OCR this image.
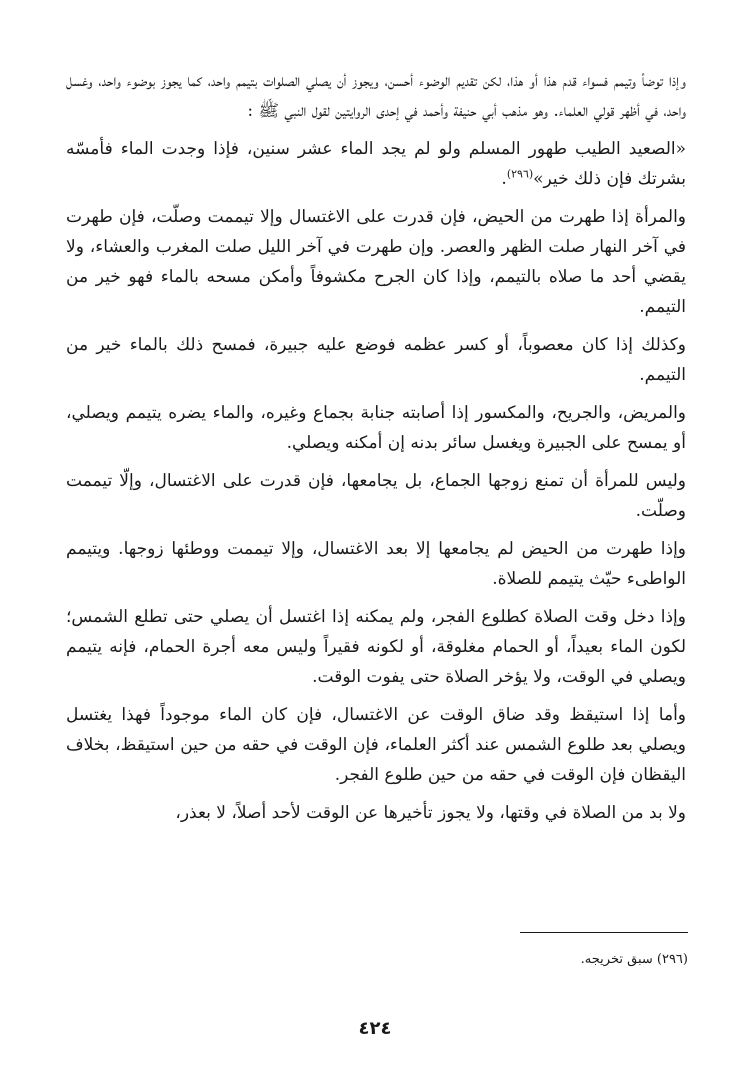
وإذا توضأ وتيمم فسواء قدم هذا أو هذا، لكن تقديم الوضوء أحسن، ويجوز أن يصلي الصلوات بتيمم واحد، كما يجوز بوضوء واحد، وغسل واحد، في أظهر قولي العلماء. وهو مذهب أبي حنيفة وأحمد في إحدى الروايتين لقول النبي ﷺ :

«الصعيد الطيب طهور المسلم ولو لم يجد الماء عشر سنين، فإذا وجدت الماء فأمسّه بشرتك فإن ذلك خير»$^{(٢٩٦)}$.

والمرأة إذا طهرت من الحيض، فإن قدرت على الاغتسال وإلا تيممت وصلّت، فإن طهرت في آخر النهار صلت الظهر والعصر. وإن طهرت في آخر الليل صلت المغرب والعشاء، ولا يقضي أحد ما صلاه بالتيمم، وإذا كان الجرح مكشوفاً وأمكن مسحه بالماء فهو خير من التيمم.

وكذلك إذا كان معصوباً، أو كسر عظمه فوضع عليه جبيرة، فمسح ذلك بالماء خير من التيمم.

والمريض، والجريح، والمكسور إذا أصابته جنابة بجماع وغيره، والماء يضره يتيمم ويصلي، أو يمسح على الجبيرة ويغسل سائر بدنه إن أمكنه ويصلي.

وليس للمرأة أن تمنع زوجها الجماع، بل يجامعها، فإن قدرت على الاغتسال، وإلّا تيممت وصلّت.

وإذا طهرت من الحيض لم يجامعها إلا بعد الاغتسال، وإلا تيممت ووطئها زوجها. ويتيمم الواطىء حيّث يتيمم للصلاة.

وإذا دخل وقت الصلاة كطلوع الفجر، ولم يمكنه إذا اغتسل أن يصلي حتى تطلع الشمس؛ لكون الماء بعيداً، أو الحمام مغلوقة، أو لكونه فقيراً وليس معه أجرة الحمام، فإنه يتيمم ويصلي في الوقت، ولا يؤخر الصلاة حتى يفوت الوقت.

وأما إذا استيقظ وقد ضاق الوقت عن الاغتسال، فإن كان الماء موجوداً فهذا يغتسل ويصلي بعد طلوع الشمس عند أكثر العلماء، فإن الوقت في حقه من حين استيقظ، بخلاف اليقظان فإن الوقت في حقه من حين طلوع الفجر.

ولا بد من الصلاة في وقتها، ولا يجوز تأخيرها عن الوقت لأحد أصلاً، لا بعذر،

(٢٩٦) سبق تخريجه.
٤٢٤
